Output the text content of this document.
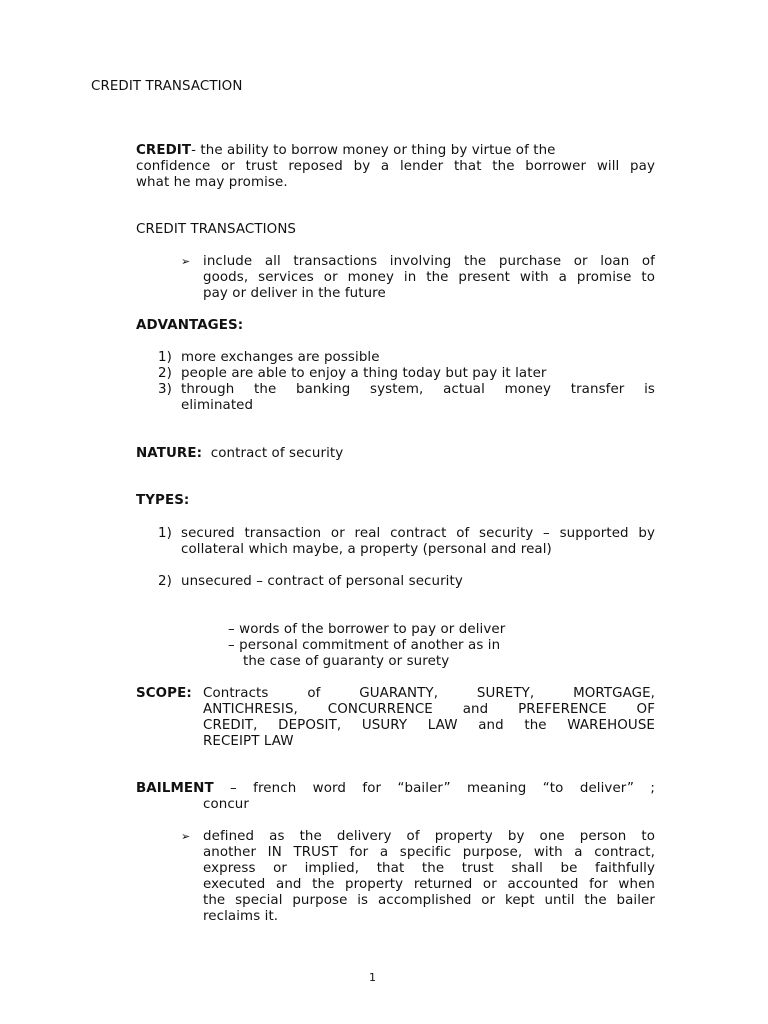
CREDIT TRANSACTION
CREDIT- the ability to borrow money or thing by virtue of the
confidence or trust reposed by a lender that the borrower will pay
what he may promise.
CREDIT TRANSACTIONS
➢ include all transactions involving the purchase or loan of
goods, services or money in the present with a promise to
pay or deliver in the future
ADVANTAGES:
1) more exchanges are possible
2) people are able to enjoy a thing today but pay it later
3) through the banking system, actual money transfer is
eliminated
NATURE: contract of security
TYPES:
1) secured transaction or real contract of security – supported by
collateral which maybe, a property (personal and real)
2) unsecured – contract of personal security
– words of the borrower to pay or deliver
– personal commitment of another as in
the case of guaranty or surety
SCOPE: Contracts of GUARANTY, SURETY, MORTGAGE,
ANTICHRESIS, CONCURRENCE and PREFERENCE OF
CREDIT, DEPOSIT, USURY LAW and the WAREHOUSE
RECEIPT LAW
BAILMENT – french word for “bailer” meaning “to deliver” ;
concur
➢ defined as the delivery of property by one person to
another IN TRUST for a specific purpose, with a contract,
express or implied, that the trust shall be faithfully
executed and the property returned or accounted for when
the special purpose is accomplished or kept until the bailer
reclaims it.
1
